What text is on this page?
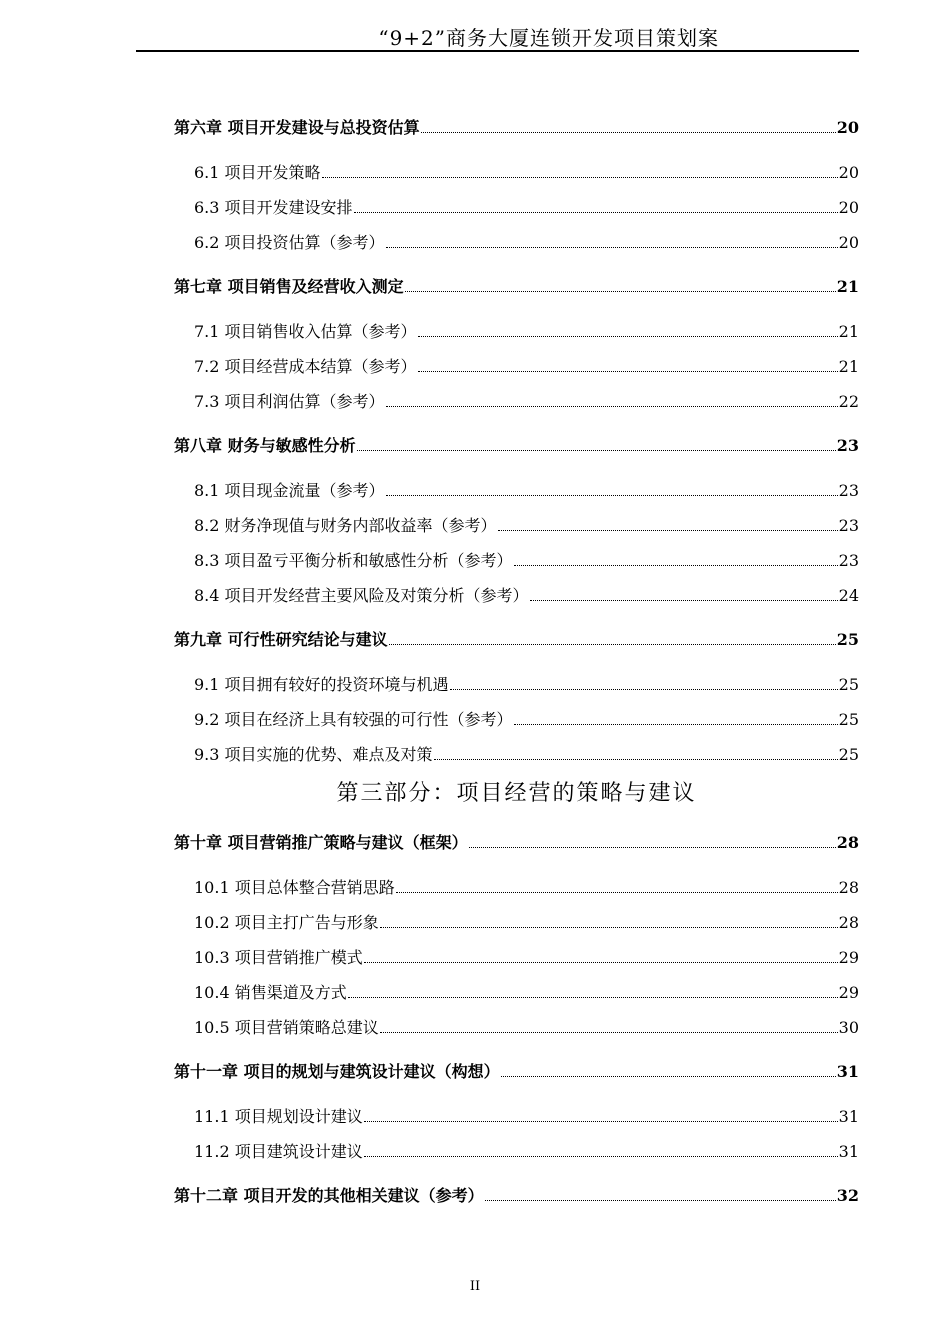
“9+2”商务大厦连锁开发项目策划案
第六章 项目开发建设与总投资估算	20
6.1 项目开发策略	20
6.3 项目开发建设安排	20
6.2 项目投资估算（参考）	20
第七章 项目销售及经营收入测定	21
7.1 项目销售收入估算（参考）	21
7.2 项目经营成本结算（参考）	21
7.3 项目利润估算（参考）	22
第八章 财务与敏感性分析	23
8.1 项目现金流量（参考）	23
8.2 财务净现值与财务内部收益率（参考）	23
8.3 项目盈亏平衡分析和敏感性分析（参考）	23
8.4 项目开发经营主要风险及对策分析（参考）	24
第九章 可行性研究结论与建议	25
9.1 项目拥有较好的投资环境与机遇	25
9.2 项目在经济上具有较强的可行性（参考）	25
9.3 项目实施的优势、难点及对策	25
第十章 项目营销推广策略与建议（框架）	28
10.1 项目总体整合营销思路	28
10.2 项目主打广告与形象	28
10.3 项目营销推广模式	29
10.4 销售渠道及方式	29
10.5 项目营销策略总建议	30
第十一章 项目的规划与建筑设计建议（构想）	31
11.1 项目规划设计建议	31
11.2 项目建筑设计建议	31
第十二章 项目开发的其他相关建议（参考）	32
第三部分：项目经营的策略与建议
II
